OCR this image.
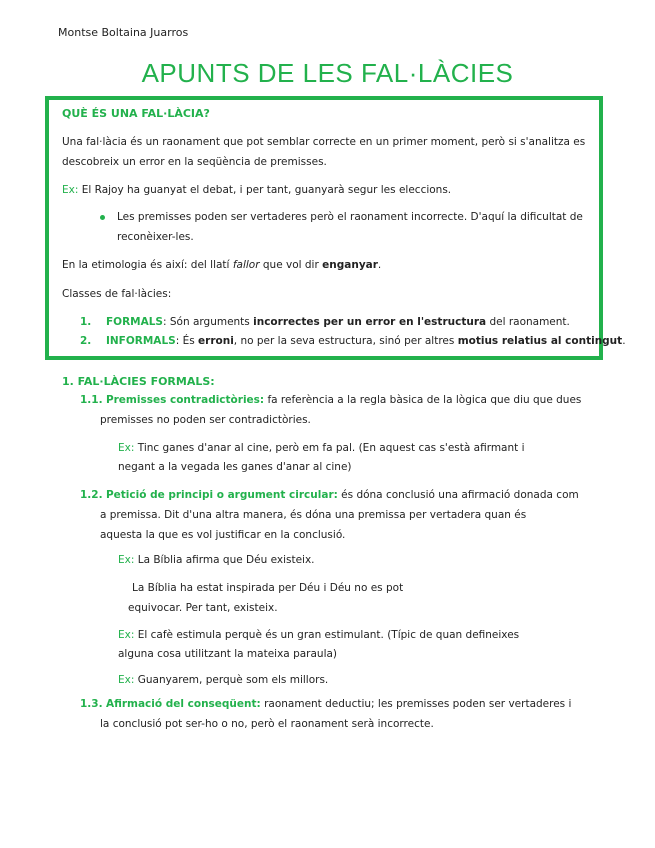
Montse Boltaina Juarros
APUNTS DE LES FAL·LÀCIES
QUÈ ÉS UNA FAL·LÀCIA?
Una fal·làcia és un raonament que pot semblar correcte en un primer moment, però si s'analitza es
descobreix un error en la seqüència de premisses.
Ex: El Rajoy ha guanyat el debat, i per tant, guanyarà segur les eleccions.
Les premisses poden ser vertaderes però el raonament incorrecte. D'aquí la dificultat de
reconèixer-les.
En la etimologia és així: del llatí fallor que vol dir enganyar.
Classes de fal·làcies:
1. FORMALS: Són arguments incorrectes per un error en l'estructura del raonament.
2. INFORMALS: És erroni, no per la seva estructura, sinó per altres motius relatius al contingut.
1. FAL·LÀCIES FORMALS:
1.1. Premisses contradictòries: fa referència a la regla bàsica de la lògica que diu que dues
premisses no poden ser contradictòries.
Ex: Tinc ganes d'anar al cine, però em fa pal. (En aquest cas s'està afirmant i
negant a la vegada les ganes d'anar al cine)
1.2. Petició de principi o argument circular: és dóna conclusió una afirmació donada com
a premissa. Dit d'una altra manera, és dóna una premissa per vertadera quan és
aquesta la que es vol justificar en la conclusió.
Ex: La Bíblia afirma que Déu existeix.
La Bíblia ha estat inspirada per Déu i Déu no es pot
equivocar. Per tant, existeix.
Ex: El cafè estimula perquè és un gran estimulant. (Típic de quan defineixes
alguna cosa utilitzant la mateixa paraula)
Ex: Guanyarem, perquè som els millors.
1.3. Afirmació del conseqüent: raonament deductiu; les premisses poden ser vertaderes i
la conclusió pot ser-ho o no, però el raonament serà incorrecte.
